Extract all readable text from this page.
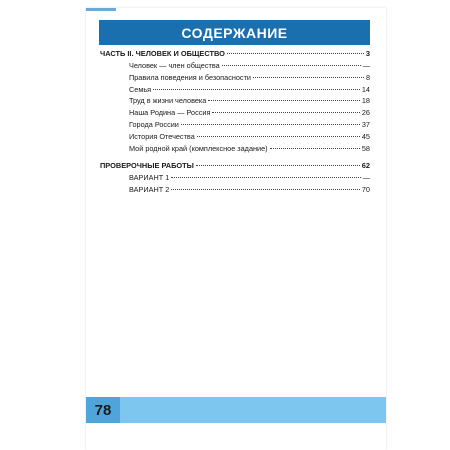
СОДЕРЖАНИЕ
ЧАСТЬ II. ЧЕЛОВЕК И ОБЩЕСТВО	3
Человек — член общества	—
Правила поведения и безопасности	8
Семья	14
Труд в жизни человека	18
Наша Родина — Россия	26
Города России	37
История Отечества	45
Мой родной край (комплексное задание)	58
ПРОВЕРОЧНЫЕ РАБОТЫ	62
ВАРИАНТ 1	—
ВАРИАНТ 2	70
78
